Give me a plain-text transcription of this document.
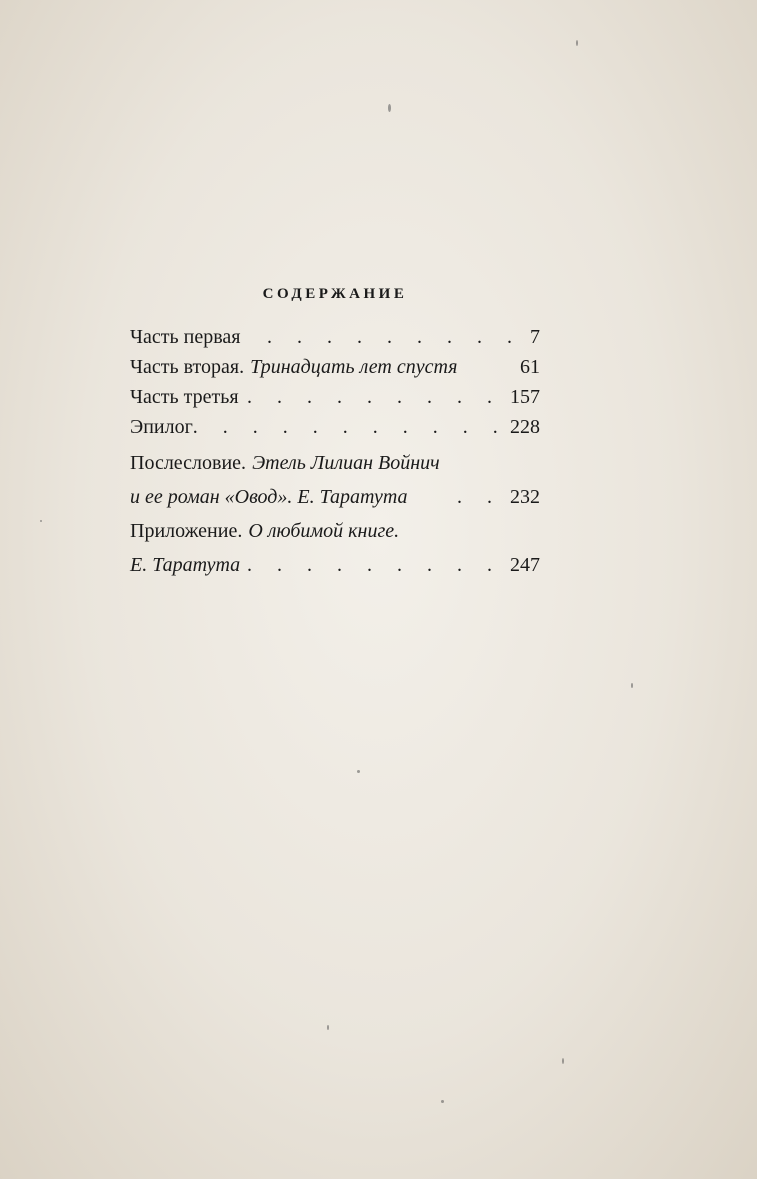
СОДЕРЖАНИЕ
Часть первая	. . . . . . . . . 7
Часть вторая. Тринадцать лет спустя	61
Часть третья . . . . . . . . . 157
Эпилог . . . . . . . . . . . 228
Послесловие. Этель Лилиан Войнич
и ее роман «Овод». Е. Таратута	. . 232
Приложение. О любимой книге.
Е. Таратута . . . . . . . . . 247
